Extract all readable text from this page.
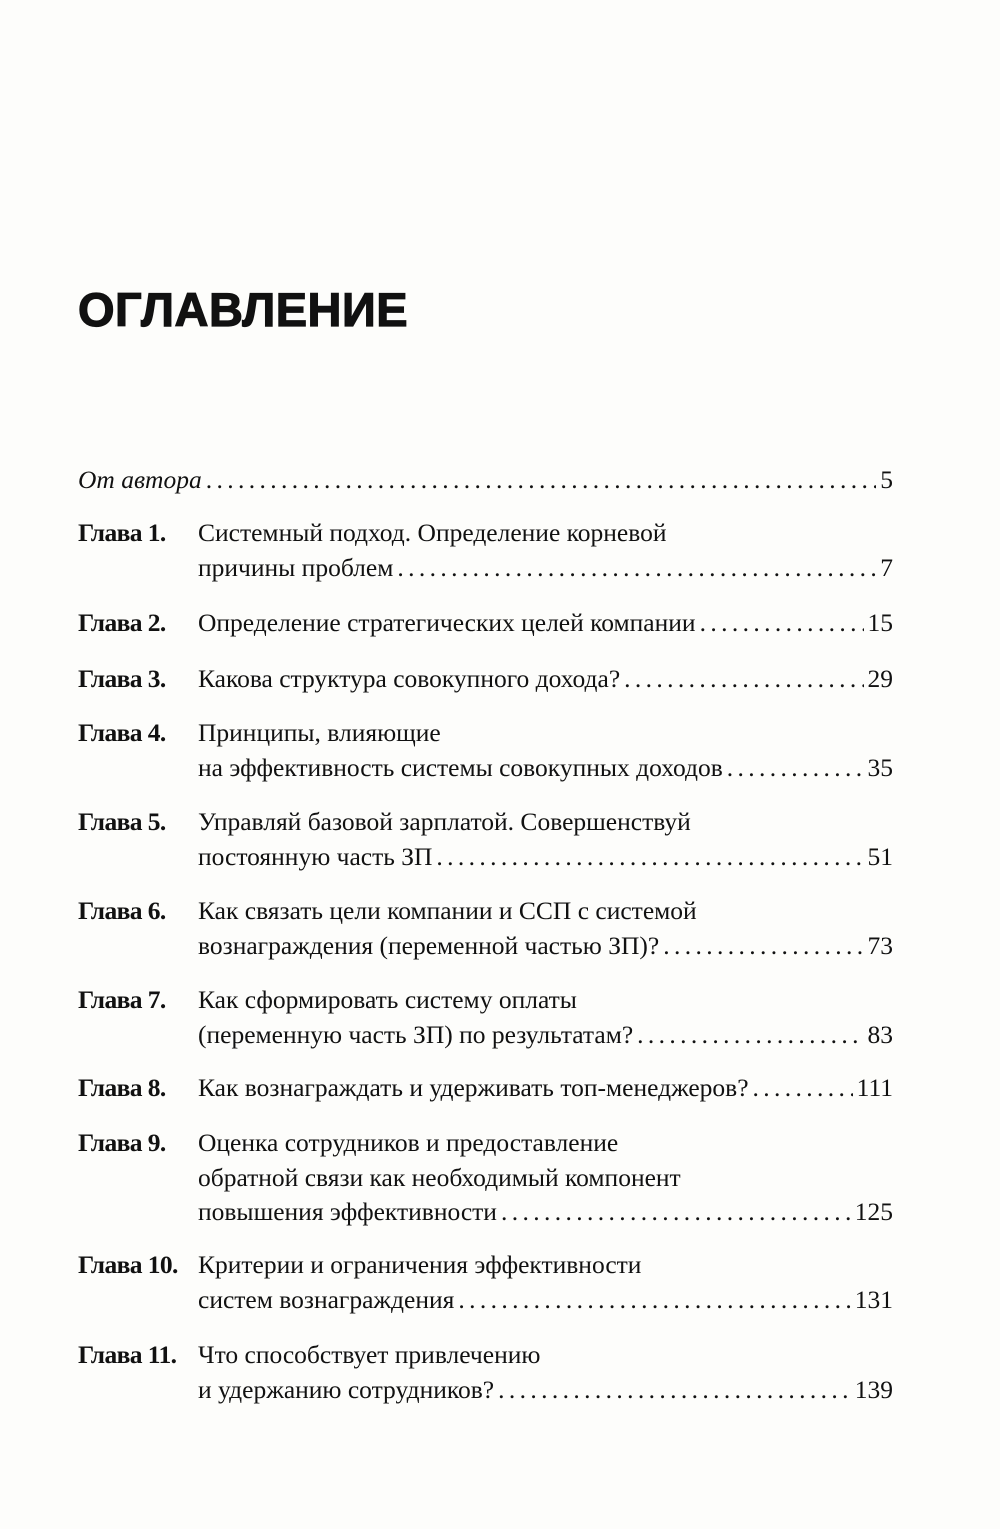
ОГЛАВЛЕНИЕ
От автора . . .	5
Глава 1. Системный подход. Определение корневой
причины проблем . . .	7
Глава 2. Определение стратегических целей компании . . .	15
Глава 3. Какова структура совокупного дохода? . . .	29
Глава 4. Принципы, влияющие
на эффективность системы совокупных доходов . . .	35
Глава 5. Управляй базовой зарплатой. Совершенствуй
постоянную часть ЗП . . .	51
Глава 6. Как связать цели компании и ССП с системой
вознаграждения (переменной частью ЗП)? . . .	73
Глава 7. Как сформировать систему оплаты
(переменную часть ЗП) по результатам? . . .	83
Глава 8. Как вознаграждать и удерживать топ-менеджеров? . . .	111
Глава 9. Оценка сотрудников и предоставление
обратной связи как необходимый компонент
повышения эффективности . . .	125
Глава 10. Критерии и ограничения эффективности
систем вознаграждения . . .	131
Глава 11. Что способствует привлечению
и удержанию сотрудников? . . .	139
